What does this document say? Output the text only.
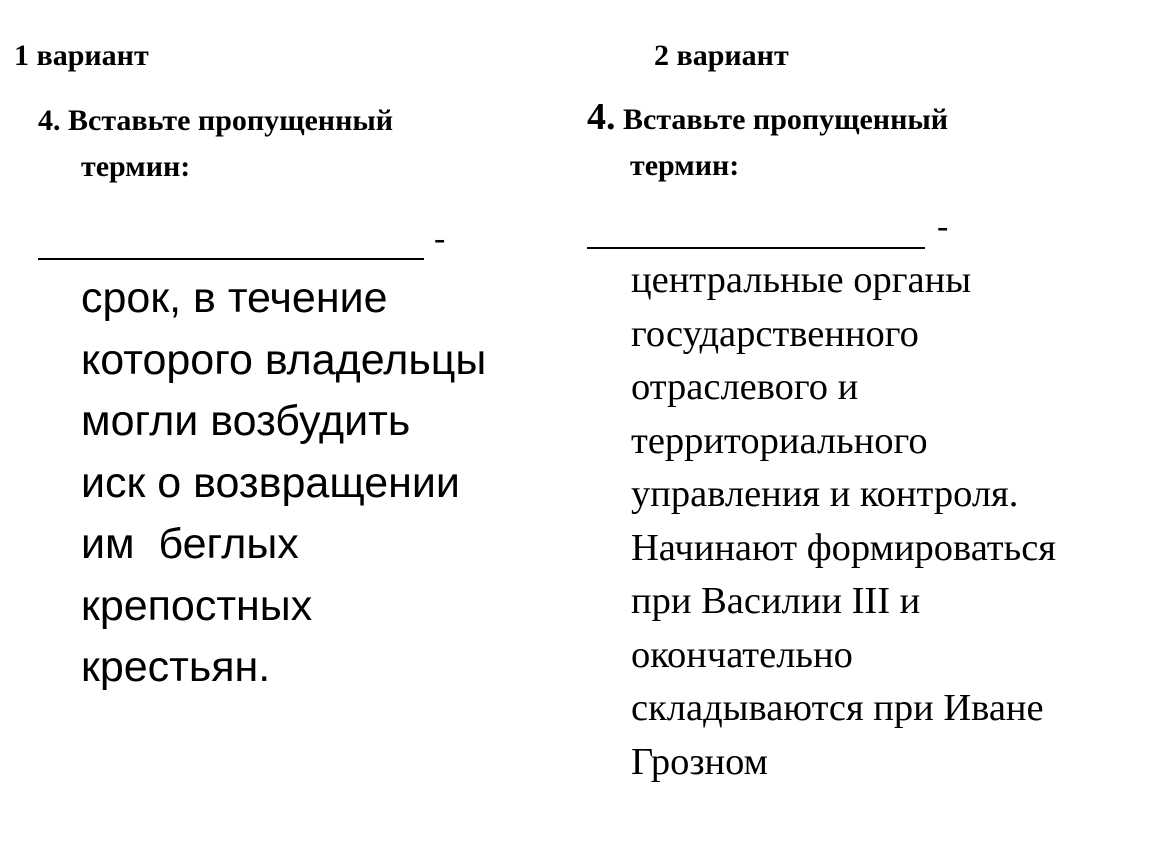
1 вариант
4. Вставьте пропущенный
термин:
-
срок, в течение
которого владельцы
могли возбудить
иск о возвращении
им  беглых
крепостных
крестьян.
2 вариант
4. Вставьте пропущенный
термин:
-
центральные органы
государственного
отраслевого и
территориального
управления и контроля.
Начинают формироваться
при Василии III и
окончательно
складываются при Иване
Грозном
